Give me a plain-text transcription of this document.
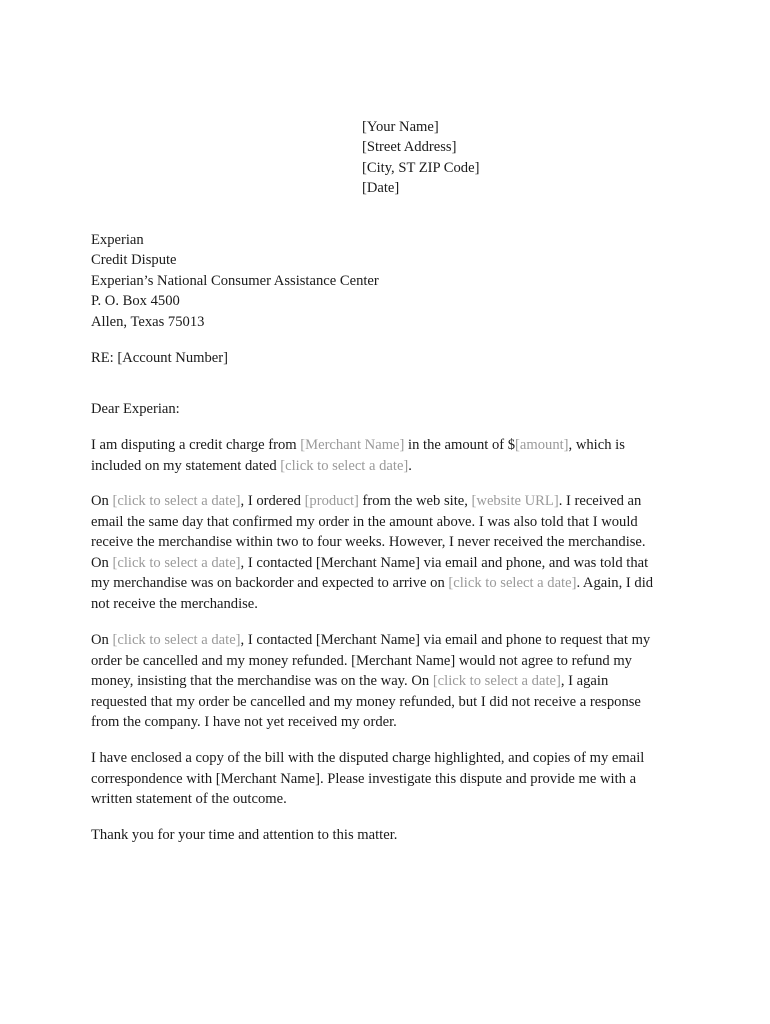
[Your Name]
[Street Address]
[City, ST ZIP Code]
[Date]
Experian
Credit Dispute
Experian’s National Consumer Assistance Center
P. O. Box 4500
Allen, Texas 75013
RE: [Account Number]
Dear Experian:
I am disputing a credit charge from [Merchant Name] in the amount of $[amount], which is
included on my statement dated [click to select a date].
On [click to select a date], I ordered [product] from the web site, [website URL]. I received an
email the same day that confirmed my order in the amount above. I was also told that I would
receive the merchandise within two to four weeks. However, I never received the merchandise.
On [click to select a date], I contacted [Merchant Name] via email and phone, and was told that
my merchandise was on backorder and expected to arrive on [click to select a date]. Again, I did
not receive the merchandise.
On [click to select a date], I contacted [Merchant Name] via email and phone to request that my
order be cancelled and my money refunded. [Merchant Name] would not agree to refund my
money, insisting that the merchandise was on the way. On [click to select a date], I again
requested that my order be cancelled and my money refunded, but I did not receive a response
from the company. I have not yet received my order.
I have enclosed a copy of the bill with the disputed charge highlighted, and copies of my email
correspondence with [Merchant Name]. Please investigate this dispute and provide me with a
written statement of the outcome.
Thank you for your time and attention to this matter.
